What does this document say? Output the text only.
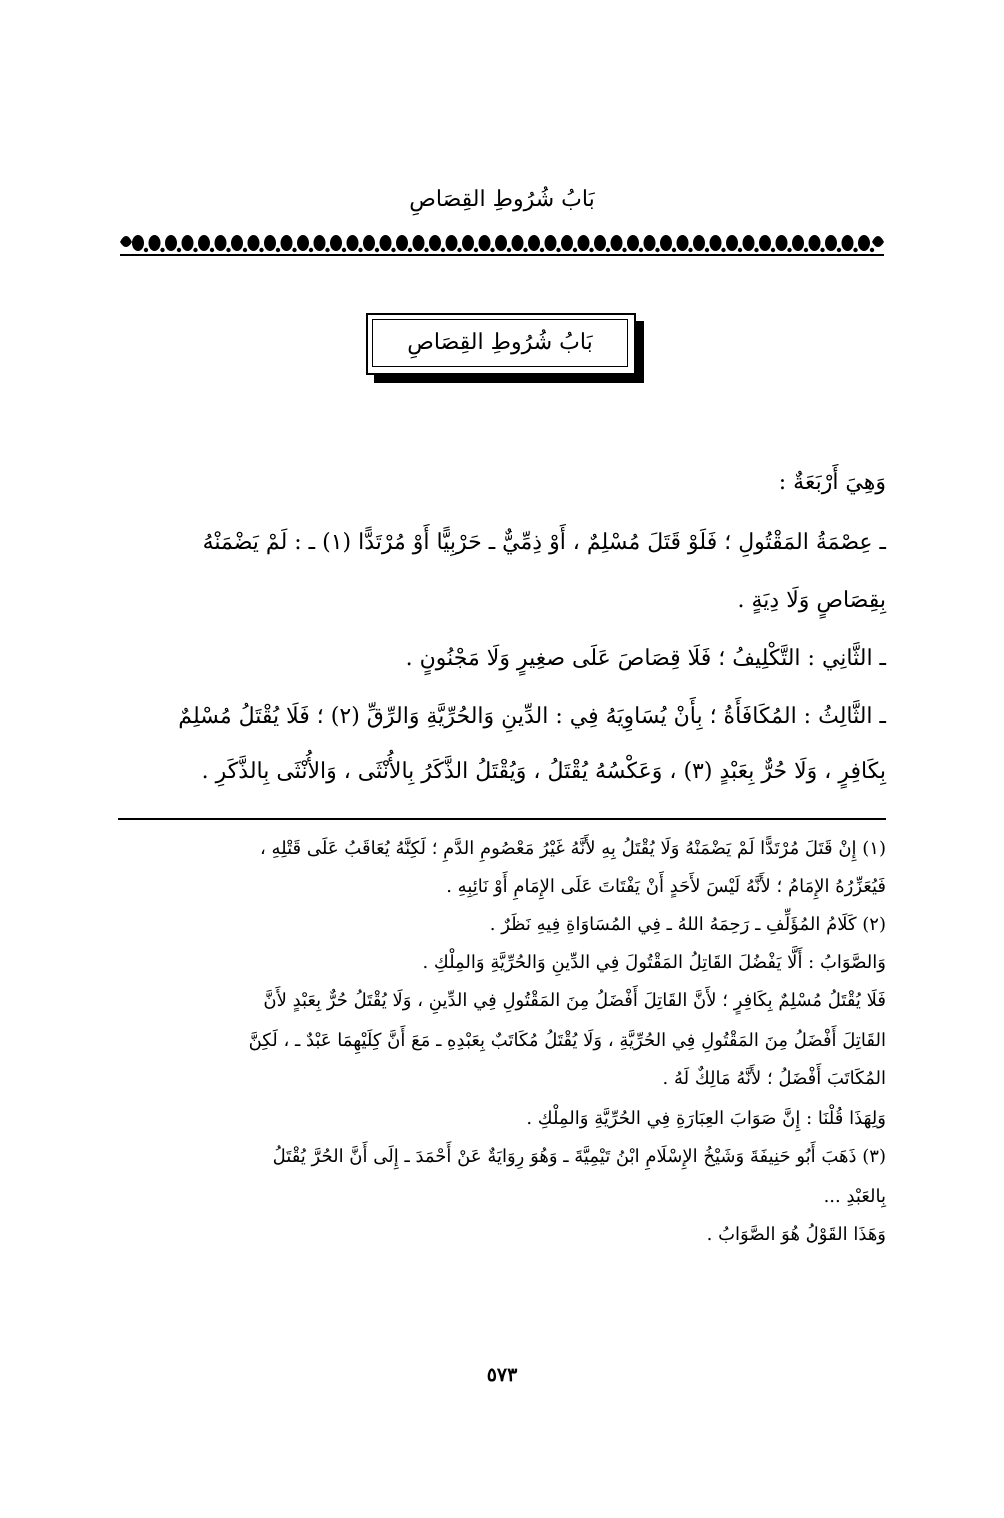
بَابُ شُرُوطِ القِصَاصِ
بَابُ شُرُوطِ القِصَاصِ
وَهِيَ أَرْبَعَةٌ :
ـ عِصْمَةُ المَقْتُولِ ؛ فَلَوْ قَتَلَ مُسْلِمٌ ، أَوْ ذِمِّيٌّ ـ حَرْبِيًّا أَوْ مُرْتَدًّا (١) ـ : لَمْ يَضْمَنْهُ
بِقِصَاصٍ وَلَا دِيَةٍ .
ـ الثَّانِي : التَّكْلِيفُ ؛ فَلَا قِصَاصَ عَلَى صغِيرٍ وَلَا مَجْنُونٍ .
ـ الثَّالِثُ : المُكَافَأَةُ ؛ بِأَنْ يُسَاوِيَهُ فِي : الدِّينِ وَالحُرِّيَّةِ وَالرِّقِّ (٢) ؛ فَلَا يُقْتَلُ مُسْلِمٌ
بِكَافِرٍ ، وَلَا حُرٌّ بِعَبْدٍ (٣) ، وَعَكْسُهُ يُقْتَلُ ، وَيُقْتَلُ الذَّكَرُ بِالأُنْثَى ، وَالأُنْثَى بِالذَّكَرِ .
(١) إِنْ قَتَلَ مُرْتَدًّا لَمْ يَضْمَنْهُ وَلَا يُقْتَلُ بِهِ لأَنَّهُ غَيْرُ مَعْصُومِ الدَّمِ ؛ لَكِنَّهُ يُعَاقَبُ عَلَى قَتْلِهِ ،
فَيُعَزِّرُهُ الإِمَامُ ؛ لأَنَّهُ لَيْسَ لأَحَدٍ أَنْ يَفْتَاتَ عَلَى الإِمَامِ أَوْ نَائِبِهِ .
(٢) كَلَامُ المُؤَلِّفِ ـ رَحِمَهُ اللهُ ـ فِي المُسَاوَاةِ فِيهِ نَظَرٌ .
وَالصَّوَابُ : أَلَّا يَفْضُلَ القَاتِلُ المَقْتُولَ فِي الدِّينِ وَالحُرِّيَّةِ وَالمِلْكِ .
فَلَا يُقْتَلُ مُسْلِمٌ بِكَافِرٍ ؛ لأَنَّ القَاتِلَ أَفْضَلُ مِنَ المَقْتُولِ فِي الدِّينِ ، وَلَا يُقْتَلُ حُرٌّ بِعَبْدٍ لأَنَّ
القَاتِلَ أَفْضَلُ مِنَ المَقْتُولِ فِي الحُرِّيَّةِ ، وَلَا يُقْتَلُ مُكَاتَبٌ بِعَبْدِهِ ـ مَعَ أَنَّ كِلَيْهِمَا عَبْدٌ ـ ، لَكِنَّ
المُكَاتَبَ أَفْضَلُ ؛ لأَنَّهُ مَالِكٌ لَهُ .
وَلِهَذَا قُلْنَا : إِنَّ صَوَابَ العِبَارَةِ فِي الحُرِّيَّةِ وَالمِلْكِ .
(٣) ذَهَبَ أَبُو حَنِيفَةَ وَشَيْخُ الإِسْلَامِ ابْنُ تَيْمِيَّةَ ـ وَهُوَ رِوَايَةٌ عَنْ أَحْمَدَ ـ إِلَى أَنَّ الحُرَّ يُقْتَلُ
بِالعَبْدِ ...
وَهَذَا القَوْلُ هُوَ الصَّوَابُ .
٥٧٣
